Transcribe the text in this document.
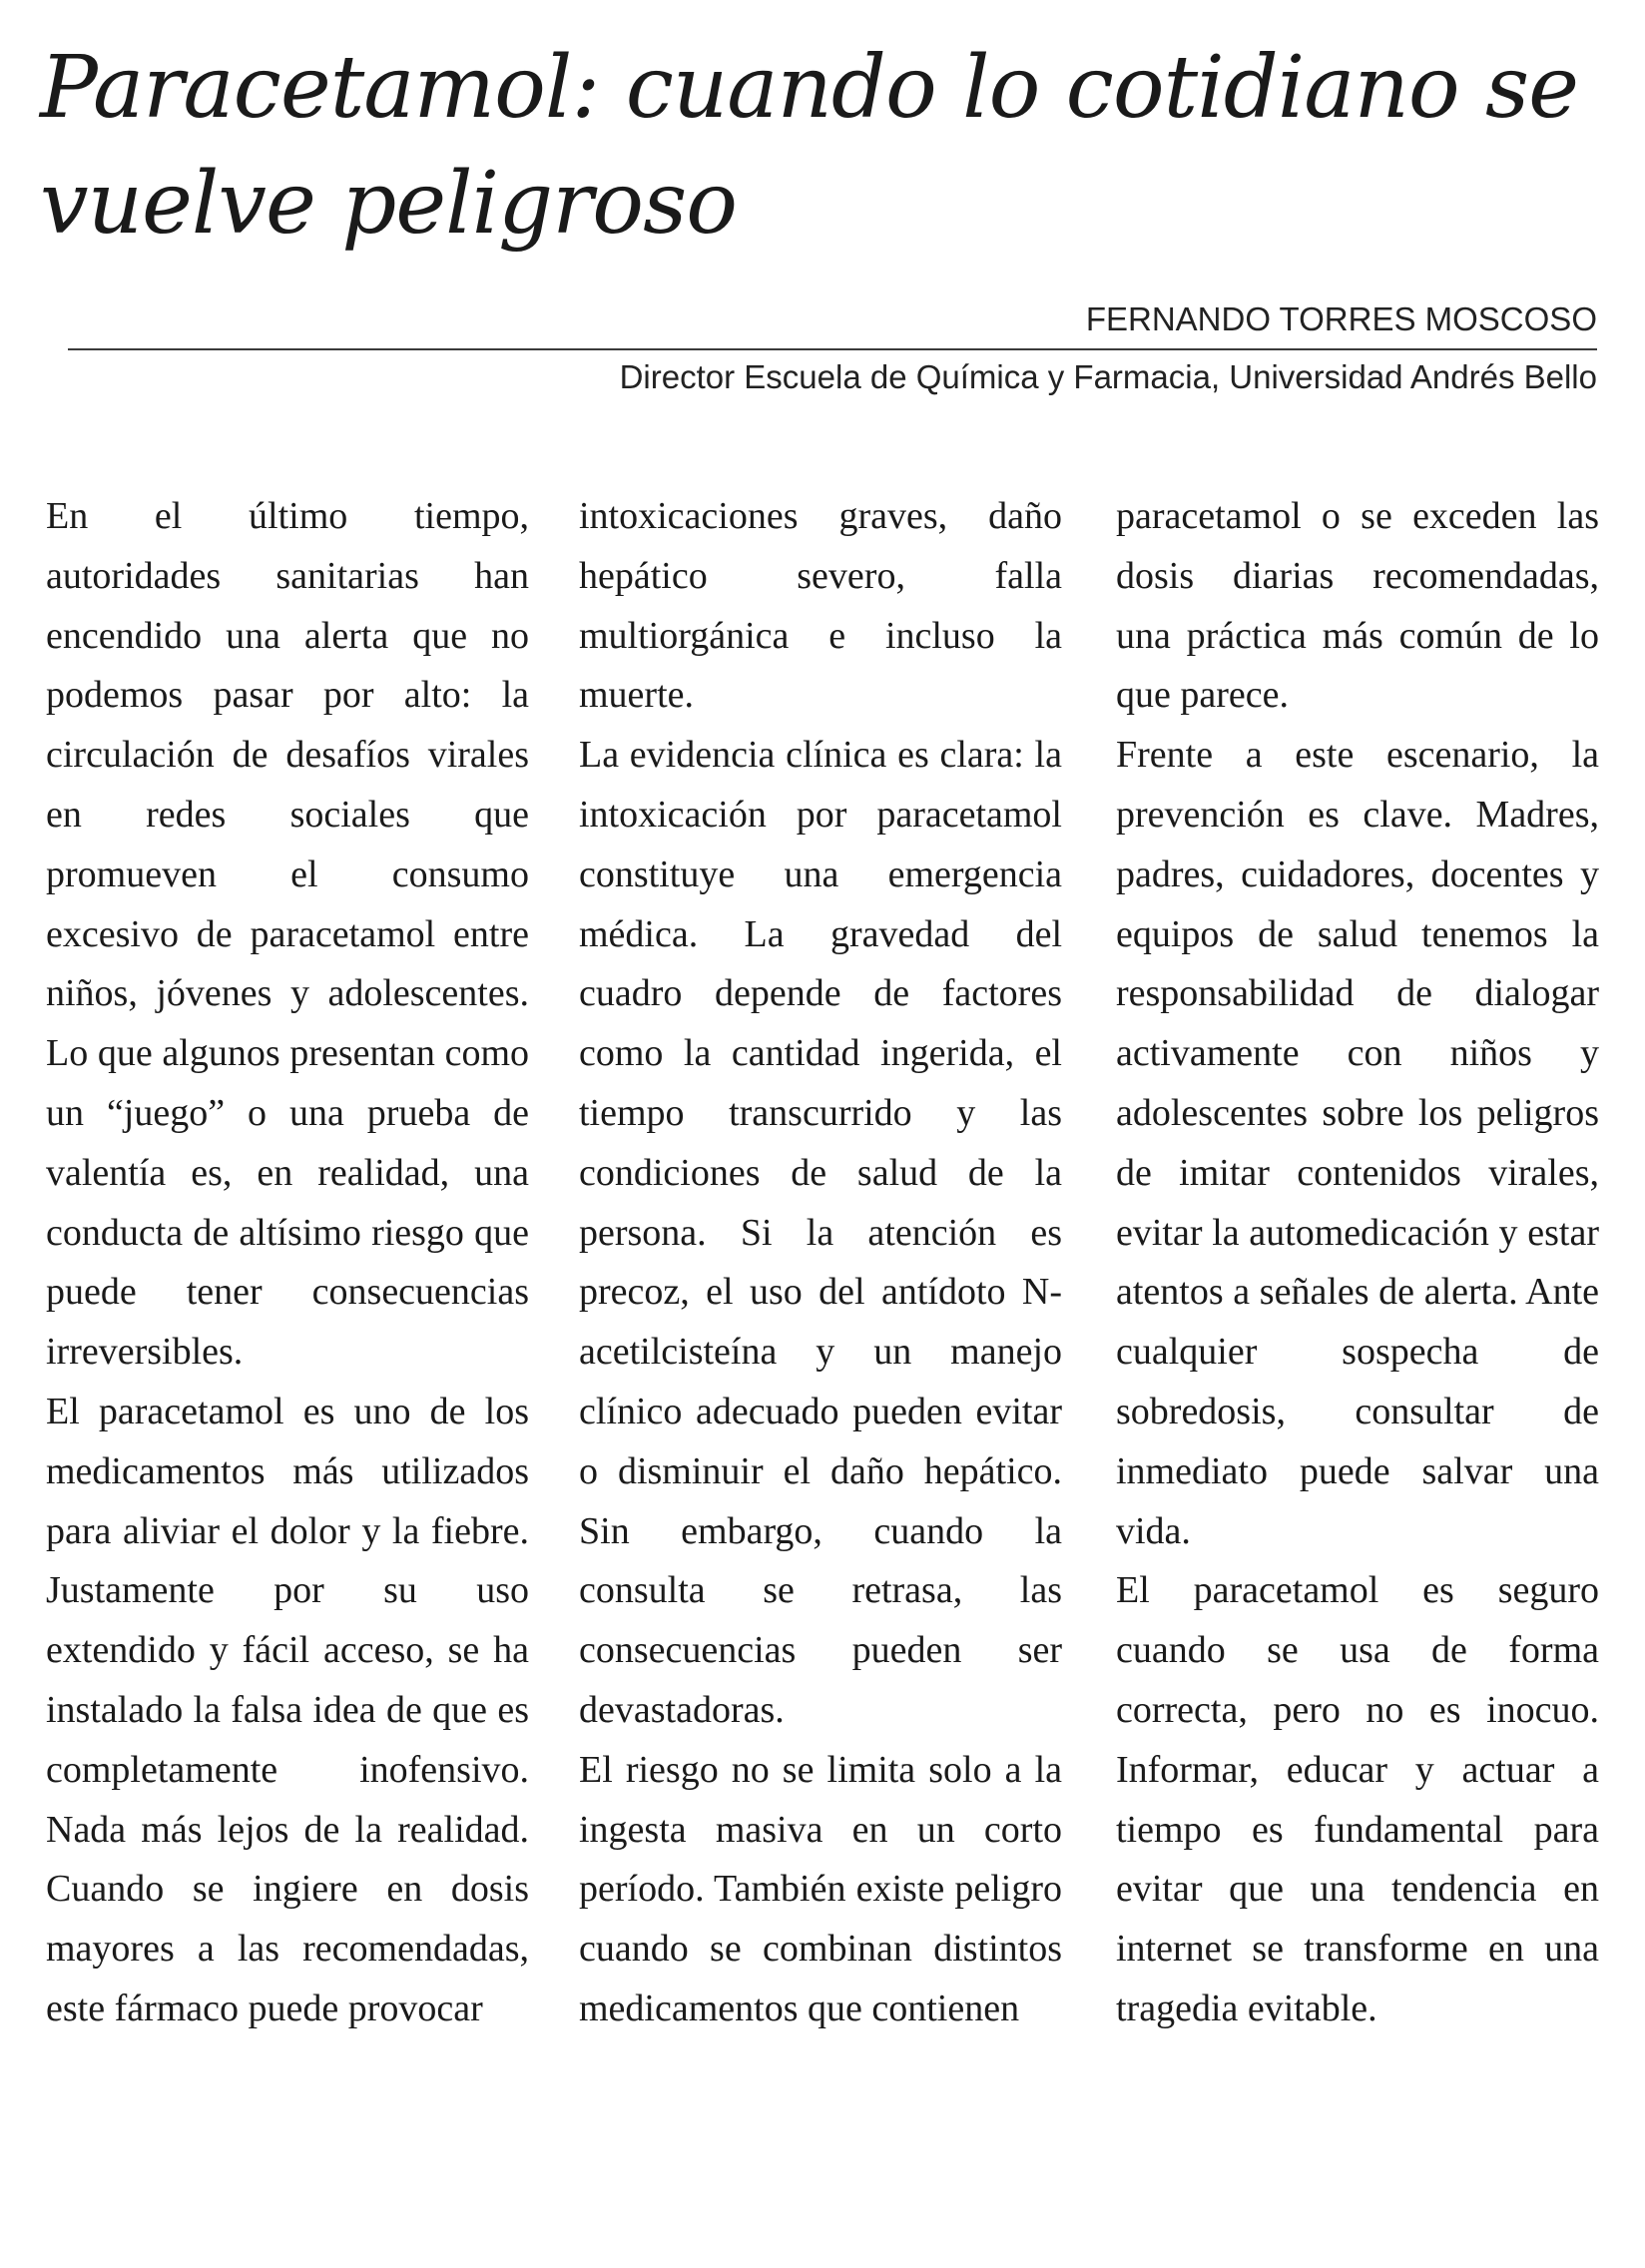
Paracetamol: cuando lo cotidiano se vuelve peligroso
FERNANDO TORRES MOSCOSO
Director Escuela de Química y Farmacia, Universidad Andrés Bello

En el último tiempo, autoridades sanitarias han encendido una alerta que no podemos pasar por alto: la circulación de desafíos virales en redes sociales que promueven el consumo excesivo de paracetamol entre niños, jóvenes y adolescentes. Lo que algunos presentan como un “juego” o una prueba de valentía es, en realidad, una conducta de altísimo riesgo que puede tener consecuencias irreversibles.

El paracetamol es uno de los medicamentos más utilizados para aliviar el dolor y la fiebre. Justamente por su uso extendido y fácil acceso, se ha instalado la falsa idea de que es completamente inofensivo. Nada más lejos de la realidad. Cuando se ingiere en dosis mayores a las recomendadas, este fármaco puede provocar

intoxicaciones graves, daño hepático severo, falla multiorgánica e incluso la muerte.

La evidencia clínica es clara: la intoxicación por paracetamol constituye una emergencia médica. La gravedad del cuadro depende de factores como la cantidad ingerida, el tiempo transcurrido y las condiciones de salud de la persona. Si la atención es precoz, el uso del antídoto N-acetilcisteína y un manejo clínico adecuado pueden evitar o disminuir el daño hepático. Sin embargo, cuando la consulta se retrasa, las consecuencias pueden ser devastadoras.

El riesgo no se limita solo a la ingesta masiva en un corto período. También existe peligro cuando se combinan distintos medicamentos que contienen

paracetamol o se exceden las dosis diarias recomendadas, una práctica más común de lo que parece.

Frente a este escenario, la prevención es clave. Madres, padres, cuidadores, docentes y equipos de salud tenemos la responsabilidad de dialogar activamente con niños y adolescentes sobre los peligros de imitar contenidos virales, evitar la automedicación y estar atentos a señales de alerta. Ante cualquier sospecha de sobredosis, consultar de inmediato puede salvar una vida.

El paracetamol es seguro cuando se usa de forma correcta, pero no es inocuo. Informar, educar y actuar a tiempo es fundamental para evitar que una tendencia en internet se transforme en una tragedia evitable.
